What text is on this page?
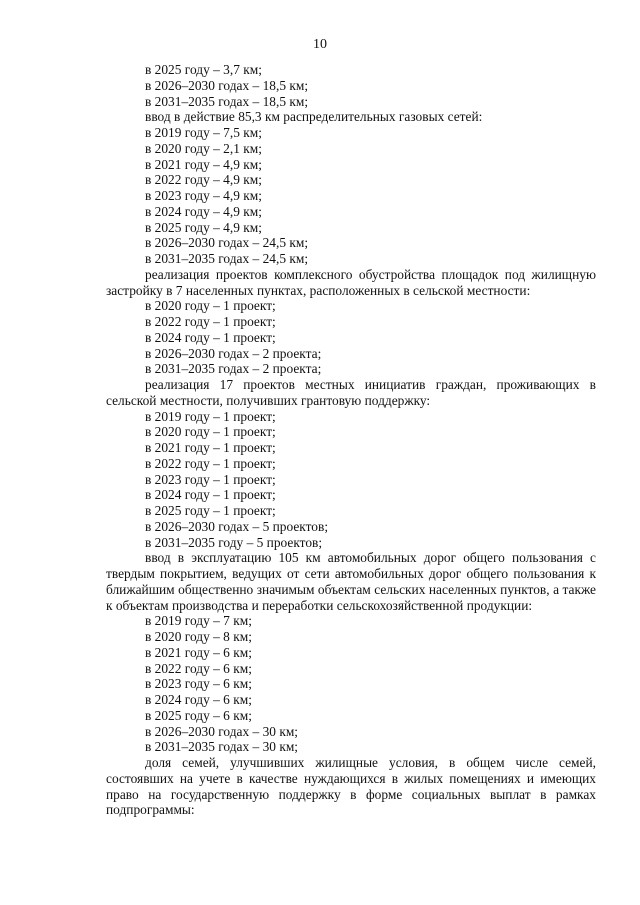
10
в 2025 году – 3,7 км;
в 2026–2030 годах – 18,5 км;
в 2031–2035 годах – 18,5 км;
ввод в действие 85,3 км распределительных газовых сетей:
в 2019 году – 7,5 км;
в 2020 году – 2,1 км;
в 2021 году – 4,9 км;
в 2022 году – 4,9 км;
в 2023 году – 4,9 км;
в 2024 году – 4,9 км;
в 2025 году – 4,9 км;
в 2026–2030 годах – 24,5 км;
в 2031–2035 годах – 24,5 км;
реализация проектов комплексного обустройства площадок под жилищную застройку в 7 населенных пунктах, расположенных в сельской местности:
в 2020 году – 1 проект;
в 2022 году – 1 проект;
в 2024 году – 1 проект;
в 2026–2030 годах – 2 проекта;
в 2031–2035 годах – 2 проекта;
реализация 17 проектов местных инициатив граждан, проживающих в сельской местности, получивших грантовую поддержку:
в 2019 году – 1 проект;
в 2020 году – 1 проект;
в 2021 году – 1 проект;
в 2022 году – 1 проект;
в 2023 году – 1 проект;
в 2024 году – 1 проект;
в 2025 году – 1 проект;
в 2026–2030 годах – 5 проектов;
в 2031–2035 году – 5 проектов;
ввод в эксплуатацию 105 км автомобильных дорог общего пользования с твердым покрытием, ведущих от сети автомобильных дорог общего пользования к ближайшим общественно значимым объектам сельских населенных пунктов, а также к объектам производства и переработки сельскохозяйственной продукции:
в 2019 году – 7 км;
в 2020 году – 8 км;
в 2021 году – 6 км;
в 2022 году – 6 км;
в 2023 году – 6 км;
в 2024 году – 6 км;
в 2025 году – 6 км;
в 2026–2030 годах – 30 км;
в 2031–2035 годах – 30 км;
доля семей, улучшивших жилищные условия, в общем числе семей, состоявших на учете в качестве нуждающихся в жилых помещениях и имеющих право на государственную поддержку в форме социальных выплат в рамках подпрограммы:
